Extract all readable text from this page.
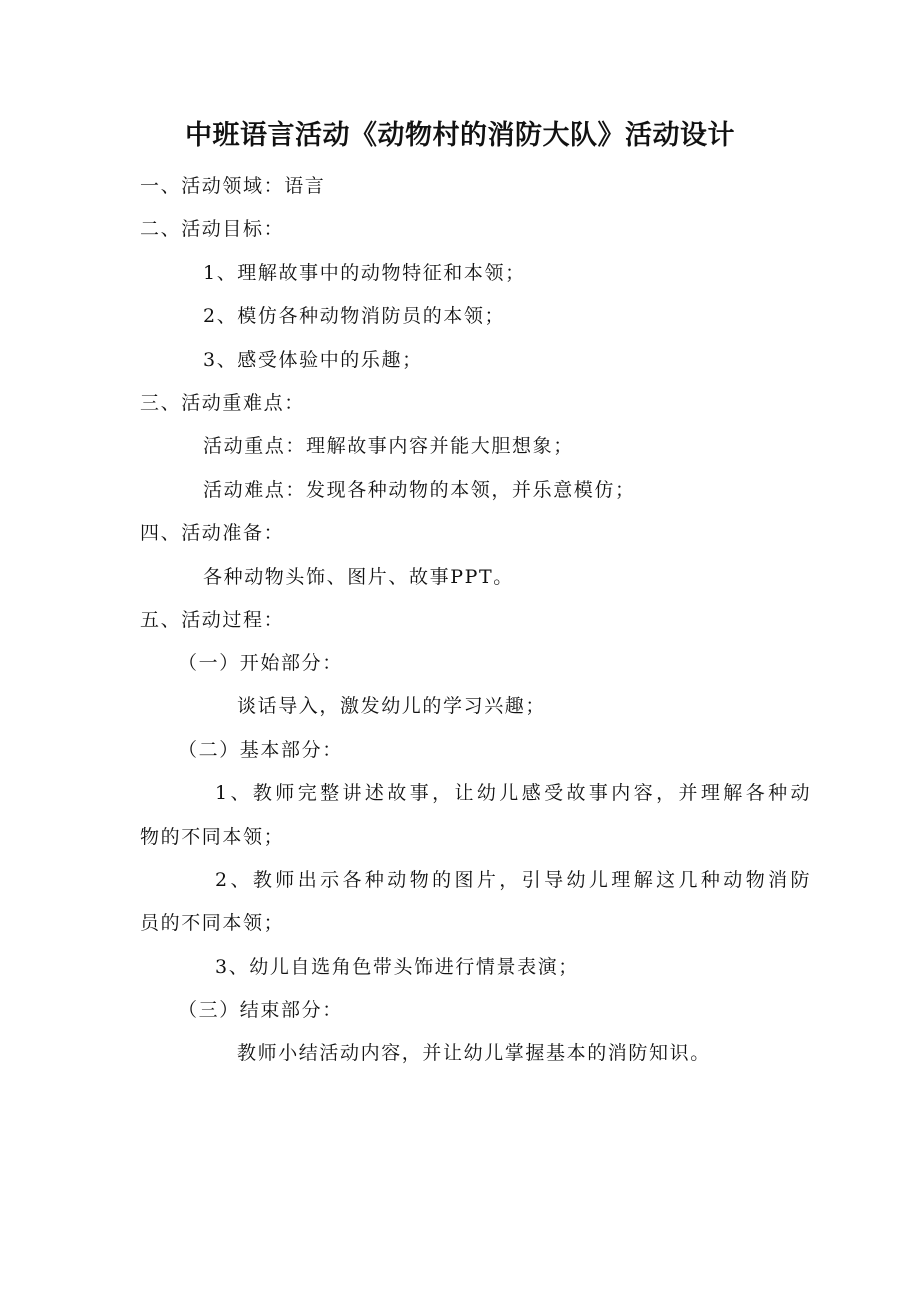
中班语言活动《动物村的消防大队》活动设计
一、活动领域：语言
二、活动目标：
1、理解故事中的动物特征和本领；
2、模仿各种动物消防员的本领；
3、感受体验中的乐趣；
三、活动重难点：
活动重点：理解故事内容并能大胆想象；
活动难点：发现各种动物的本领，并乐意模仿；
四、活动准备：
各种动物头饰、图片、故事PPT。
五、活动过程：
（一）开始部分：
谈话导入，激发幼儿的学习兴趣；
（二）基本部分：
1、教师完整讲述故事，让幼儿感受故事内容，并理解各种动
物的不同本领；
2、教师出示各种动物的图片，引导幼儿理解这几种动物消防
员的不同本领；
3、幼儿自选角色带头饰进行情景表演；
（三）结束部分：
教师小结活动内容，并让幼儿掌握基本的消防知识。
